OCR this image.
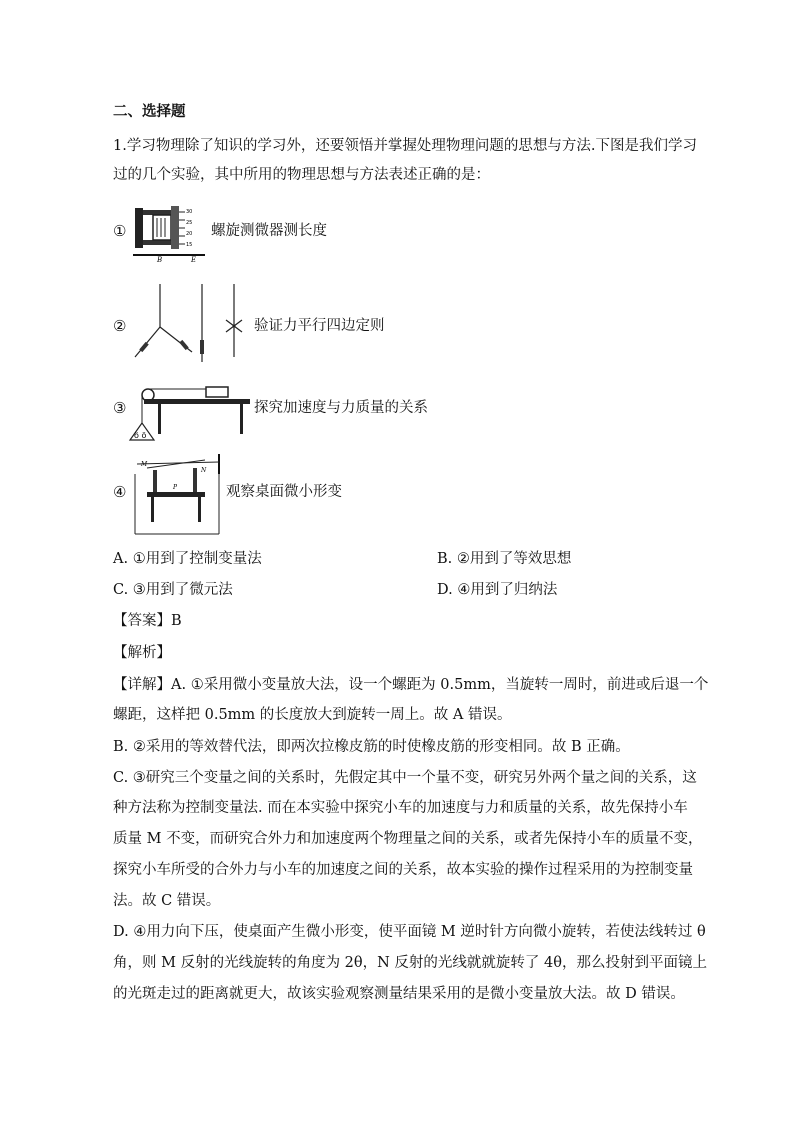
二、选择题
1.学习物理除了知识的学习外，还要领悟并掌握处理物理问题的思想与方法.下图是我们学习
过的几个实验，其中所用的物理思想与方法表述正确的是：
①
30
25
20
15
B	E
螺旋测微器测长度
②	验证力平行四边定则
③
ö ö
探究加速度与力质量的关系
④
M
N
P	观察桌面微小形变
A. ①用到了控制变量法	B. ②用到了等效思想
C. ③用到了微元法	D. ④用到了归纳法
【答案】B
【解析】
【详解】A. ①采用微小变量放大法，设一个螺距为 0.5mm，当旋转一周时，前进或后退一个
螺距，这样把 0.5mm 的长度放大到旋转一周上。故 A 错误。
B. ②采用的等效替代法，即两次拉橡皮筋的时使橡皮筋的形变相同。故 B 正确。
C. ③研究三个变量之间的关系时，先假定其中一个量不变，研究另外两个量之间的关系，这
种方法称为控制变量法. 而在本实验中探究小车的加速度与力和质量的关系，故先保持小车
质量 M 不变，而研究合外力和加速度两个物理量之间的关系，或者先保持小车的质量不变，
探究小车所受的合外力与小车的加速度之间的关系，故本实验的操作过程采用的为控制变量
法。故 C 错误。
D. ④用力向下压，使桌面产生微小形变，使平面镜 M 逆时针方向微小旋转，若使法线转过 θ
角，则 M 反射的光线旋转的角度为 2θ，N 反射的光线就就旋转了 4θ，那么投射到平面镜上
的光斑走过的距离就更大，故该实验观察测量结果采用的是微小变量放大法。故 D 错误。
